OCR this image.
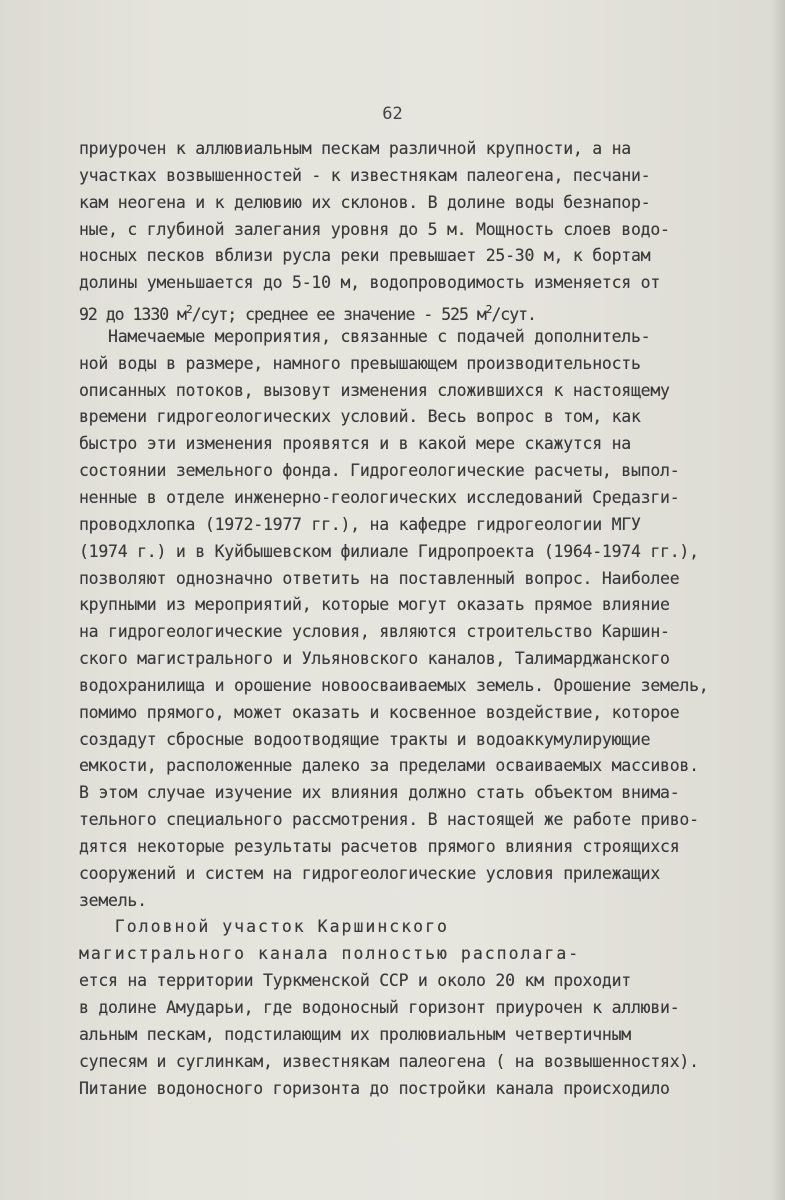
62
приурочен к аллювиальным пескам различной крупности, а на
участках возвышенностей - к известнякам палеогена, песчани-
кам неогена и к делювию их склонов. В долине воды безнапор-
ные, с глубиной залегания уровня до 5 м. Мощность слоев водо-
носных песков вблизи русла реки превышает 25-30 м, к бортам
долины уменьшается до 5-10 м, водопроводимость изменяется от
92 до 1330 $м^2$/сут; среднее ее значение - 525 $м^2$/сут.
Намечаемые мероприятия, связанные с подачей дополнитель-
ной воды в размере, намного превышающем производительность
описанных потоков, вызовут изменения сложившихся к настоящему
времени гидрогеологических условий. Весь вопрос в том, как
быстро эти изменения проявятся и в какой мере скажутся на
состоянии земельного фонда. Гидрогеологические расчеты, выпол-
ненные в отделе инженерно-геологических исследований Средазги-
проводхлопка (1972-1977 гг.), на кафедре гидрогеологии МГУ
(1974 г.) и в Куйбышевском филиале Гидропроекта (1964-1974 гг.),
позволяют однозначно ответить на поставленный вопрос. Наиболее
крупными из мероприятий, которые могут оказать прямое влияние
на гидрогеологические условия, являются строительство Каршин-
ского магистрального и Ульяновского каналов, Талимарджанского
водохранилища и орошение новоосваиваемых земель. Орошение земель,
помимо прямого, может оказать и косвенное воздействие, которое
создадут сбросные водоотводящие тракты и водоаккумулирующие
емкости, расположенные далеко за пределами осваиваемых массивов.
В этом случае изучение их влияния должно стать объектом внима-
тельного специального рассмотрения. В настоящей же работе приво-
дятся некоторые результаты расчетов прямого влияния строящихся
сооружений и систем на гидрогеологические условия прилежащих
земель.
Головной участок Каршинского
магистрального канала полностью располага-
ется на территории Туркменской ССР и около 20 км проходит
в долине Амударьи, где водоносный горизонт приурочен к аллюви-
альным пескам, подстилающим их пролювиальным четвертичным
супесям и суглинкам, известнякам палеогена ( на возвышенностях).
Питание водоносного горизонта до постройки канала происходило
